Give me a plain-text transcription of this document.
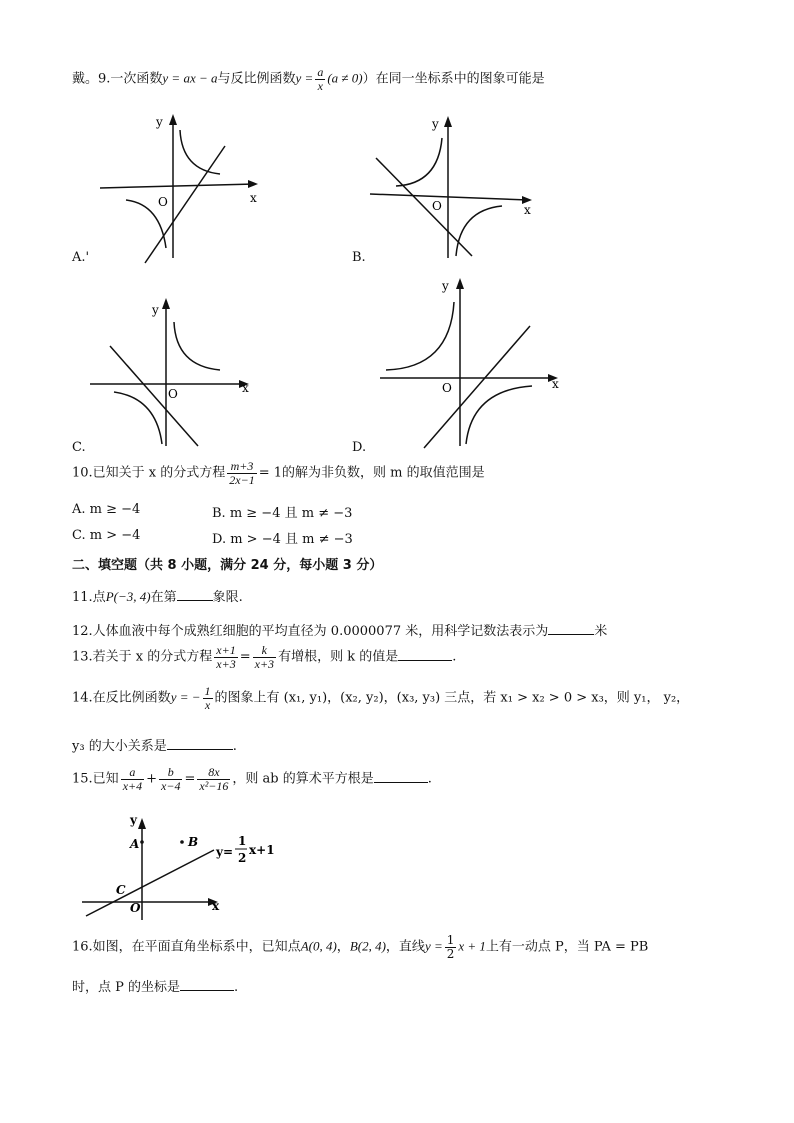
戴。9.一次函数y = ax − a与反比例函数$y = \frac{a}{x} (a \ne 0)$）在同一坐标系中的图象可能是
y
x
O
A.'
y
x
O
B.
y
x
O
C.
y
x
O
D.
10.已知关于 x 的分式方程 $\frac{m+3}{2x-1} = 1$的解为非负数，则 m 的取值范围是
A. m ≥ −4	B. m ≥ −4 且 m ≠ −3
C. m > −4	D. m > −4 且 m ≠ −3
二、填空题（共 8 小题，满分 24 分，每小题 3 分）
11.点P(−3, 4)在第	象限.
12.人体血液中每个成熟红细胞的平均直径为 0.0000077 米，用科学记数法表示为	米
13.若关于 x 的分式方程 $\frac{x+1}{x+3} = \frac{k}{x+3}$ 有增根，则 k 的值是	.
14.在反比例函数y = − $\frac{1}{x}$ 的图象上有 (x₁, y₁)，(x₂, y₂)，(x₃, y₃) 三点，若 x₁ > x₂ > 0 > x₃，则 y₁， y₂，
y₃ 的大小关系是	.
15.已知 $\frac{a}{x+4} + \frac{b}{x-4} = \frac{8x}{\text{x²−16}}$ ，则 ab 的算术平方根是	.
y
x
A	B
C
O
y=
1
2
x+1
16.如图，在平面直角坐标系中，已知点A(0, 4)，B(2, 4)，直线$y = \frac{1}{2}$ x + 1上有一动点 P，当 PA = PB
时，点 P 的坐标是	.
